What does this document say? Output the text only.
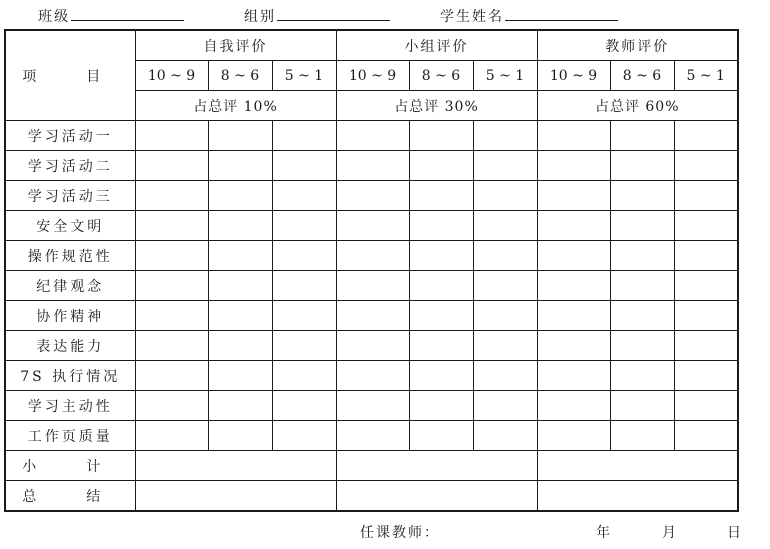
班级	组别	学生姓名
项　目	自我评价			小组评价			教师评价		
	10 ~ 9	8 ~ 6	5 ~ 1	10 ~ 9	8 ~ 6	5 ~ 1	10 ~ 9	8 ~ 6	5 ~ 1
	占总评 10%			占总评 30%			占总评 60%		
学习活动一									
学习活动二									
学习活动三									
安全文明									
操作规范性									
纪律观念									
协作精神									
表达能力									
7S 执行情况									
学习主动性									
工作页质量									
小　计									
总　结									
任课教师：	年	月	日
